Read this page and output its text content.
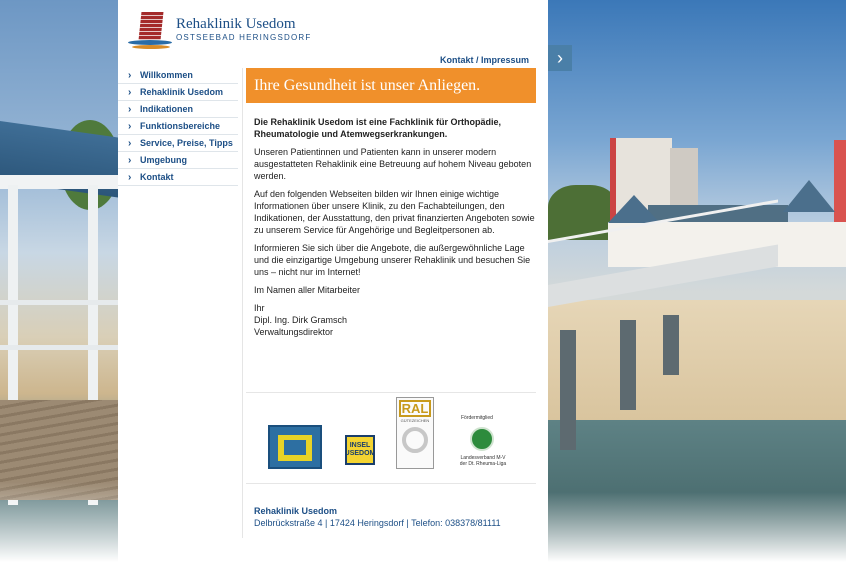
›
Rehaklinik Usedom
OSTSEEBAD HERINGSDORF
Kontakt / Impressum
› Willkommen
› Rehaklinik Usedom
› Indikationen
› Funktionsbereiche
› Service, Preise, Tipps
› Umgebung
› Kontakt
Ihre Gesundheit ist unser Anliegen.

Die Rehaklinik Usedom ist eine Fachklinik für Orthopädie, Rheumatologie und Atemwegserkrankungen.

Unseren Patientinnen und Patienten kann in unserer modern ausgestatteten Rehaklinik eine Betreuung auf hohem Niveau geboten werden.

Auf den folgenden Webseiten bilden wir Ihnen einige wichtige Informationen über unsere Klinik, zu den Fachabteilungen, den Indikationen, der Ausstattung, den privat finanzierten Angeboten sowie zu unserem Service für Angehörige und Begleitpersonen ab.

Informieren Sie sich über die Angebote, die außergewöhnliche Lage und die einzigartige Umgebung unserer Rehaklinik und besuchen Sie uns – nicht nur im Internet!

Im Namen aller Mitarbeiter

Ihr
Dipl. Ing. Dirk Gramsch
Verwaltungsdirektor
INSEL
USEDOM
RAL
GÜTEZEICHEN	Fördermitglied
Landesverband M-V
der Dt. Rheuma-Liga
Rehaklinik Usedom
Delbrückstraße 4 | 17424 Heringsdorf | Telefon: 038378/81111
